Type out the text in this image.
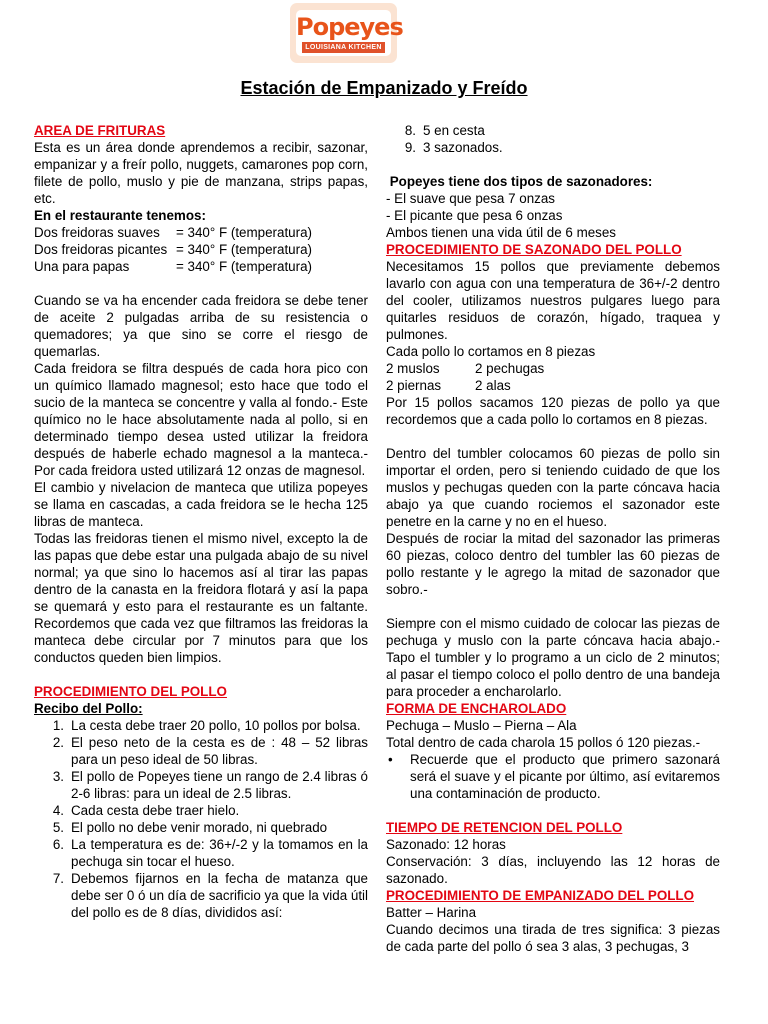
Popeyes
LOUISIANA KITCHEN
Estación de Empanizado y Freído

AREA DE FRITURAS

Esta es un área donde aprendemos a recibir, sazonar, empanizar y a freír pollo, nuggets, camarones pop corn, filete de pollo, muslo y pie de manzana, strips papas, etc.

En el restaurante tenemos:

Dos freidoras suaves	= 340° F (temperatura)
Dos freidoras picantes = 340° F (temperatura)
Una para papas	= 340° F (temperatura)

Cuando se va ha encender cada freidora se debe tener de aceite 2 pulgadas arriba de su resistencia o quemadores; ya que sino se corre el riesgo de quemarlas.

Cada freidora se filtra después de cada hora pico con un químico llamado magnesol; esto hace que todo el sucio de la manteca se concentre y valla al fondo.- Este químico no le hace absolutamente nada al pollo, si en determinado tiempo desea usted utilizar la freidora después de haberle echado magnesol a la manteca.- Por cada freidora usted utilizará 12 onzas de magnesol.

El cambio y nivelacion de manteca que utiliza popeyes se llama en cascadas, a cada freidora se le hecha 125 libras de manteca.

Todas las freidoras tienen el mismo nivel, excepto la de las papas que debe estar una pulgada abajo de su nivel normal; ya que sino lo hacemos así al tirar las papas dentro de la canasta en la freidora flotará y así la papa se quemará y esto para el restaurante es un faltante. Recordemos que cada vez que filtramos las freidoras la manteca debe circular por 7 minutos para que los conductos queden bien limpios.

PROCEDIMIENTO DEL POLLO

Recibo del Pollo:

1. La cesta debe traer 20 pollo, 10 pollos por bolsa.
2. El peso neto de la cesta es de : 48 – 52 libras para un peso ideal de 50 libras.
3. El pollo de Popeyes tiene un rango de 2.4 libras ó 2-6 libras: para un ideal de 2.5 libras.
4. Cada cesta debe traer hielo.
5. El pollo no debe venir morado, ni quebrado
6. La temperatura es de: 36+/-2 y la tomamos en la pechuga sin tocar el hueso.
7. Debemos fijarnos en la fecha de matanza que debe ser 0 ó un día de sacrificio ya que la vida útil del pollo es de 8 días, divididos así:
8. 5 en cesta
9. 3 sazonados.

Popeyes tiene dos tipos de sazonadores:

- El suave que pesa 7 onzas

- El picante que pesa 6 onzas

Ambos tienen una vida útil de 6 meses

PROCEDIMIENTO DE SAZONADO DEL POLLO

Necesitamos 15 pollos que previamente debemos lavarlo con agua con una temperatura de 36+/-2 dentro del cooler, utilizamos nuestros pulgares luego para quitarles residuos de corazón, hígado, traquea y pulmones.

Cada pollo lo cortamos en 8 piezas

2 muslos	2 pechugas
2 piernas	2 alas

Por 15 pollos sacamos 120 piezas de pollo ya que recordemos que a cada pollo lo cortamos en 8 piezas.

Dentro del tumbler colocamos 60 piezas de pollo sin importar el orden, pero si teniendo cuidado de que los muslos y pechugas queden con la parte cóncava hacia abajo ya que cuando rociemos el sazonador este penetre en la carne y no en el hueso.

Después de rociar la mitad del sazonador las primeras 60 piezas, coloco dentro del tumbler las 60 piezas de pollo restante y le agrego la mitad de sazonador que sobro.-

Siempre con el mismo cuidado de colocar las piezas de pechuga y muslo con la parte cóncava hacia abajo.- Tapo el tumbler y lo programo a un ciclo de 2 minutos; al pasar el tiempo coloco el pollo dentro de una bandeja para proceder a encharolarlo.

FORMA DE ENCHAROLADO

Pechuga – Muslo – Pierna – Ala

Total dentro de cada charola 15 pollos ó 120 piezas.-

•	Recuerde que el producto que primero sazonará será el suave y el picante por último, así evitaremos una contaminación de producto.

TIEMPO DE RETENCION DEL POLLO

Sazonado: 12 horas

Conservación: 3 días, incluyendo las 12 horas de sazonado.

PROCEDIMIENTO DE EMPANIZADO DEL POLLO

Batter – Harina

Cuando decimos una tirada de tres significa: 3 piezas de cada parte del pollo ó sea 3 alas, 3 pechugas, 3
